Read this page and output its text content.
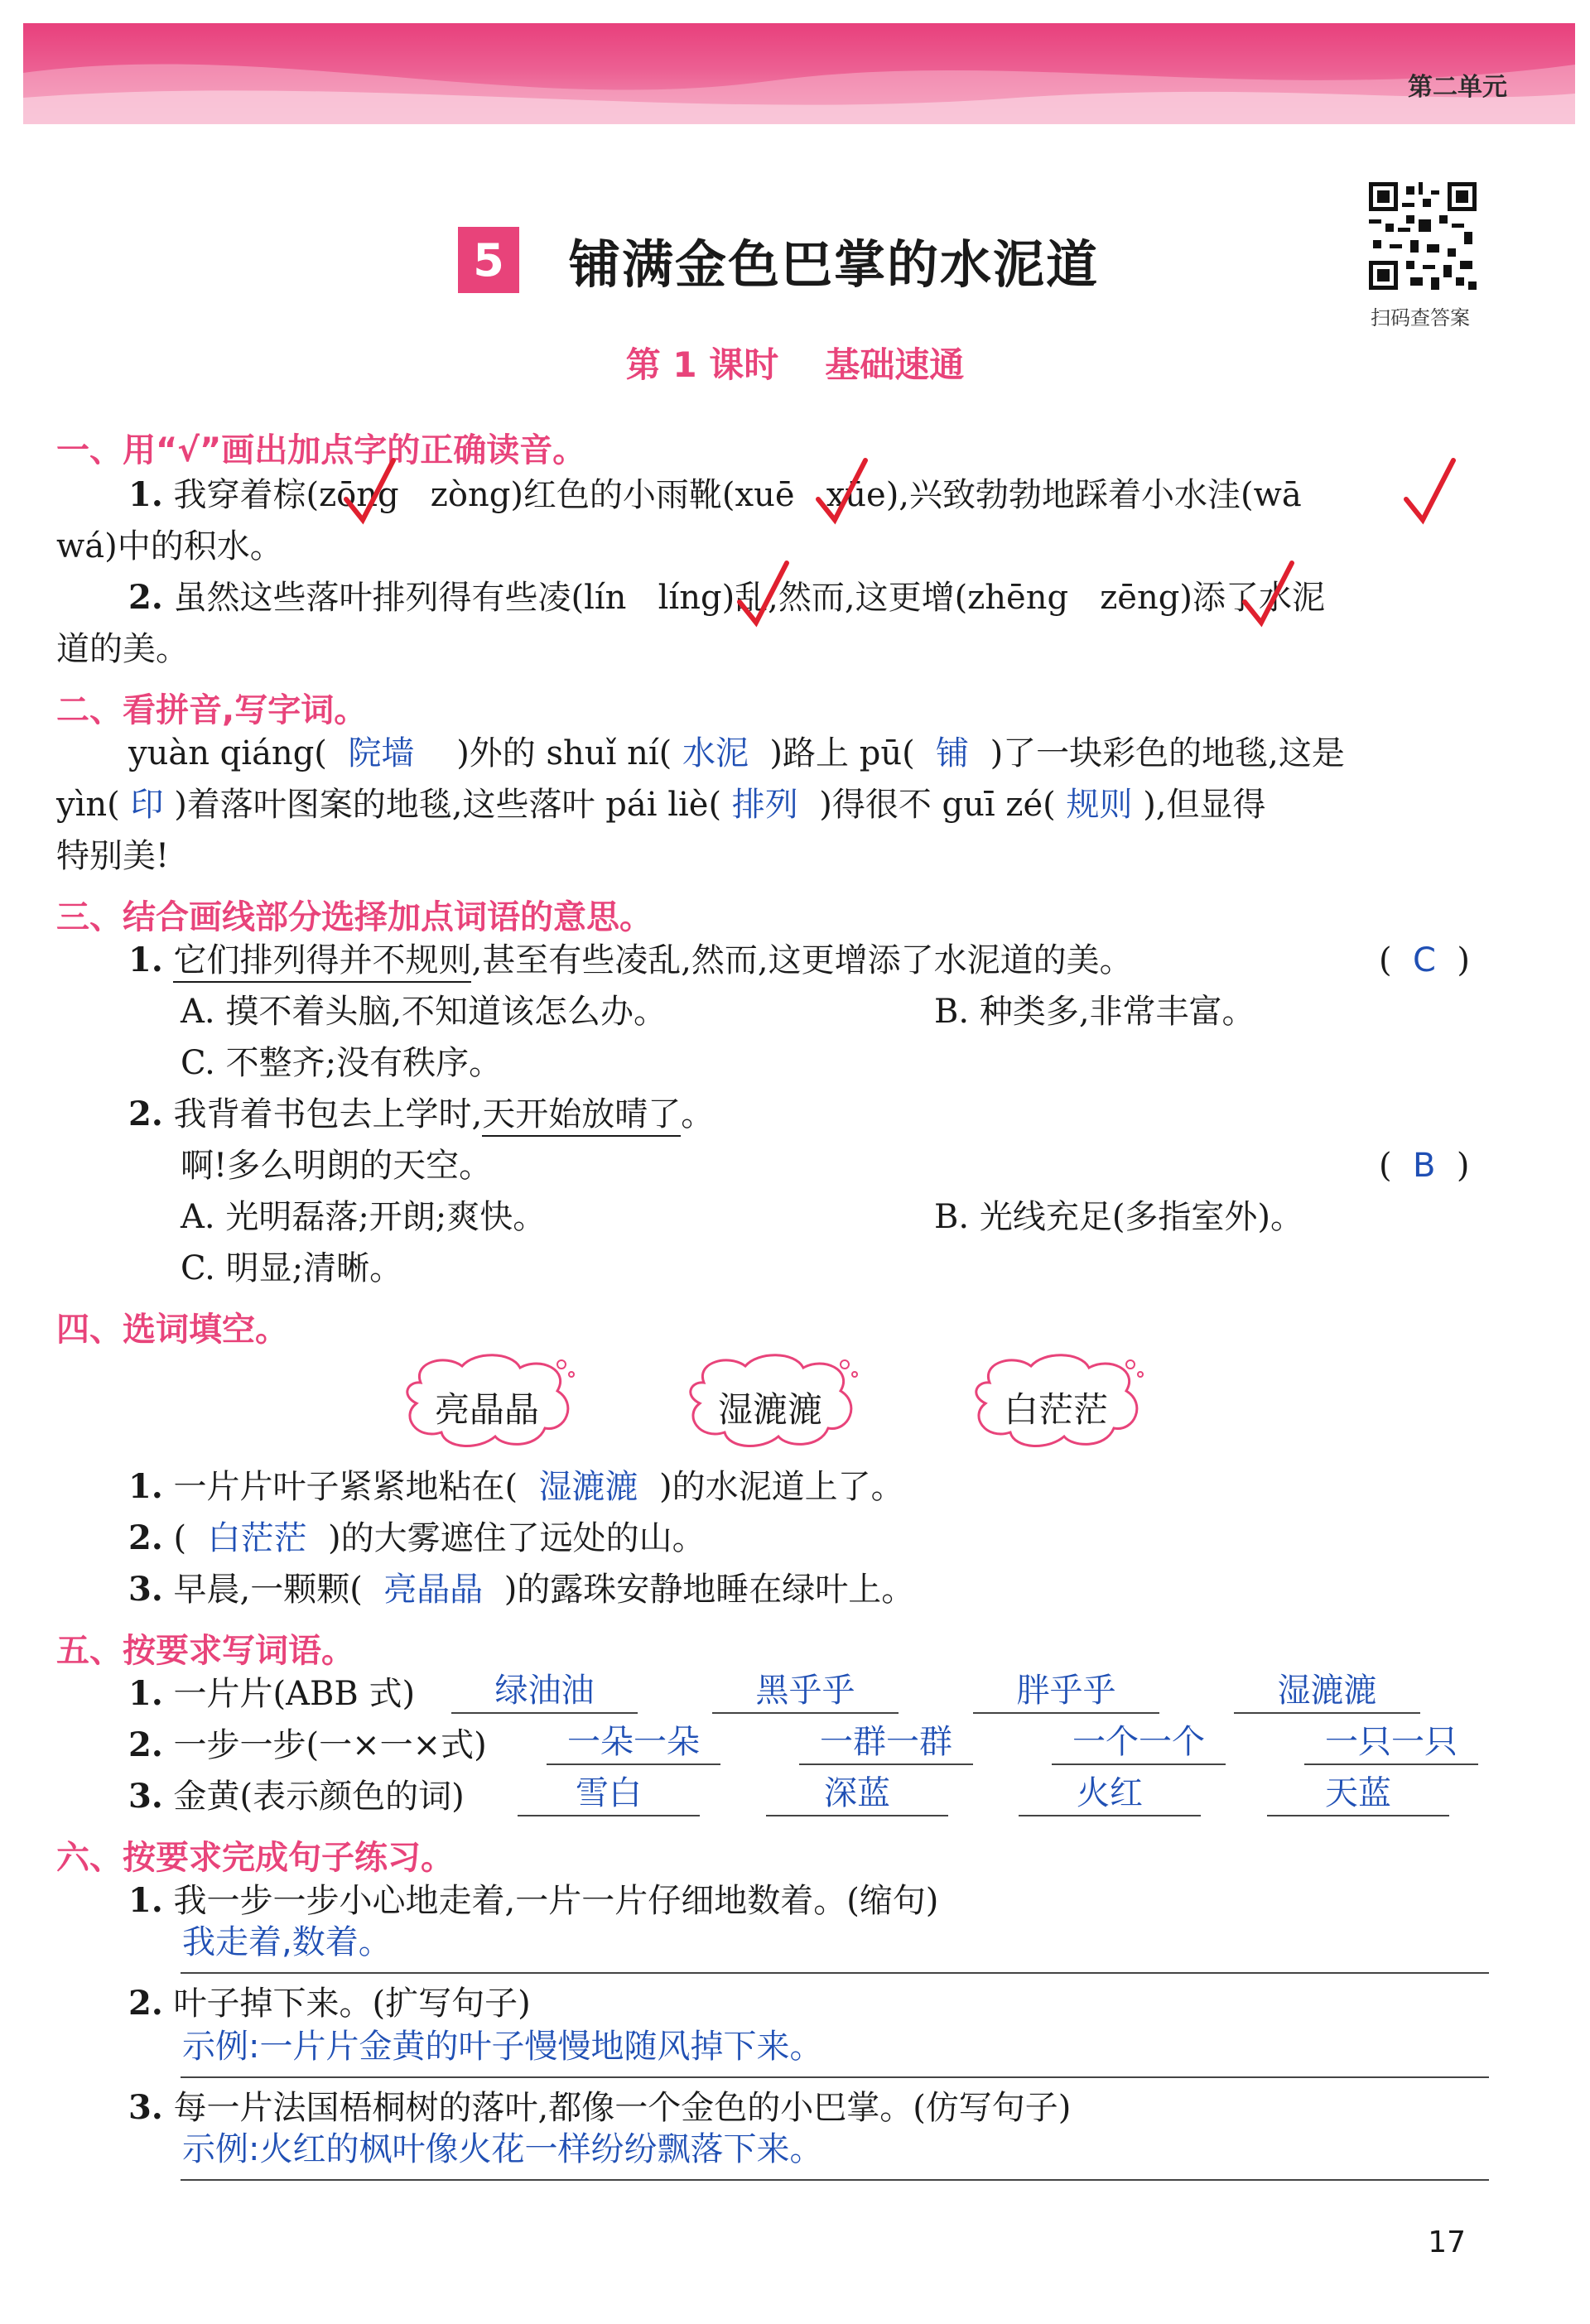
第二单元
5 铺满金色巴掌的水泥道
扫码查答案
第 1 课时 基础速通
一、用“√”画出加点字的正确读音。
1. 我穿着棕(zōng zòng)红色的小雨靴(xuē xūe),兴致勃勃地踩着小水洼(wā
wá)中的积水。
2. 虽然这些落叶排列得有些凌(lín líng)乱,然而,这更增(zhēng zēng)添了水泥
道的美。
二、看拼音,写字词。
yuàn qiáng( 院墙 )外的 shuǐ ní( 水泥 )路上 pū( 铺 )了一块彩色的地毯,这是
yìn( 印 )着落叶图案的地毯,这些落叶 pái liè( 排列 )得很不 guī zé( 规则 ),但显得
特别美!
三、结合画线部分选择加点词语的意思。
1. 它们排列得并不规则,甚至有些凌乱,然而,这更增添了水泥道的美。	(  C  )
A. 摸不着头脑,不知道该怎么办。	B. 种类多,非常丰富。
C. 不整齐;没有秩序。
2. 我背着书包去上学时,天开始放晴了。
啊!多么明朗的天空。	(  B  )
A. 光明磊落;开朗;爽快。	B. 光线充足(多指室外)。
C. 明显;清晰。
四、选词填空。
亮晶晶	湿漉漉	白茫茫
1. 一片片叶子紧紧地粘在( 湿漉漉 )的水泥道上了。
2. ( 白茫茫 )的大雾遮住了远处的山。
3. 早晨,一颗颗( 亮晶晶 )的露珠安静地睡在绿叶上。
五、按要求写词语。
1. 一片片(ABB 式)	绿油油	黑乎乎	胖乎乎	湿漉漉
2. 一步一步(一×一×式)	一朵一朵	一群一群	一个一个	一只一只
3. 金黄(表示颜色的词)	雪白	深蓝	火红	天蓝
六、按要求完成句子练习。
1. 我一步一步小心地走着,一片一片仔细地数着。(缩句)
我走着,数着。
2. 叶子掉下来。(扩写句子)
示例:一片片金黄的叶子慢慢地随风掉下来。
3. 每一片法国梧桐树的落叶,都像一个金色的小巴掌。(仿写句子)
示例:火红的枫叶像火花一样纷纷飘落下来。
17
